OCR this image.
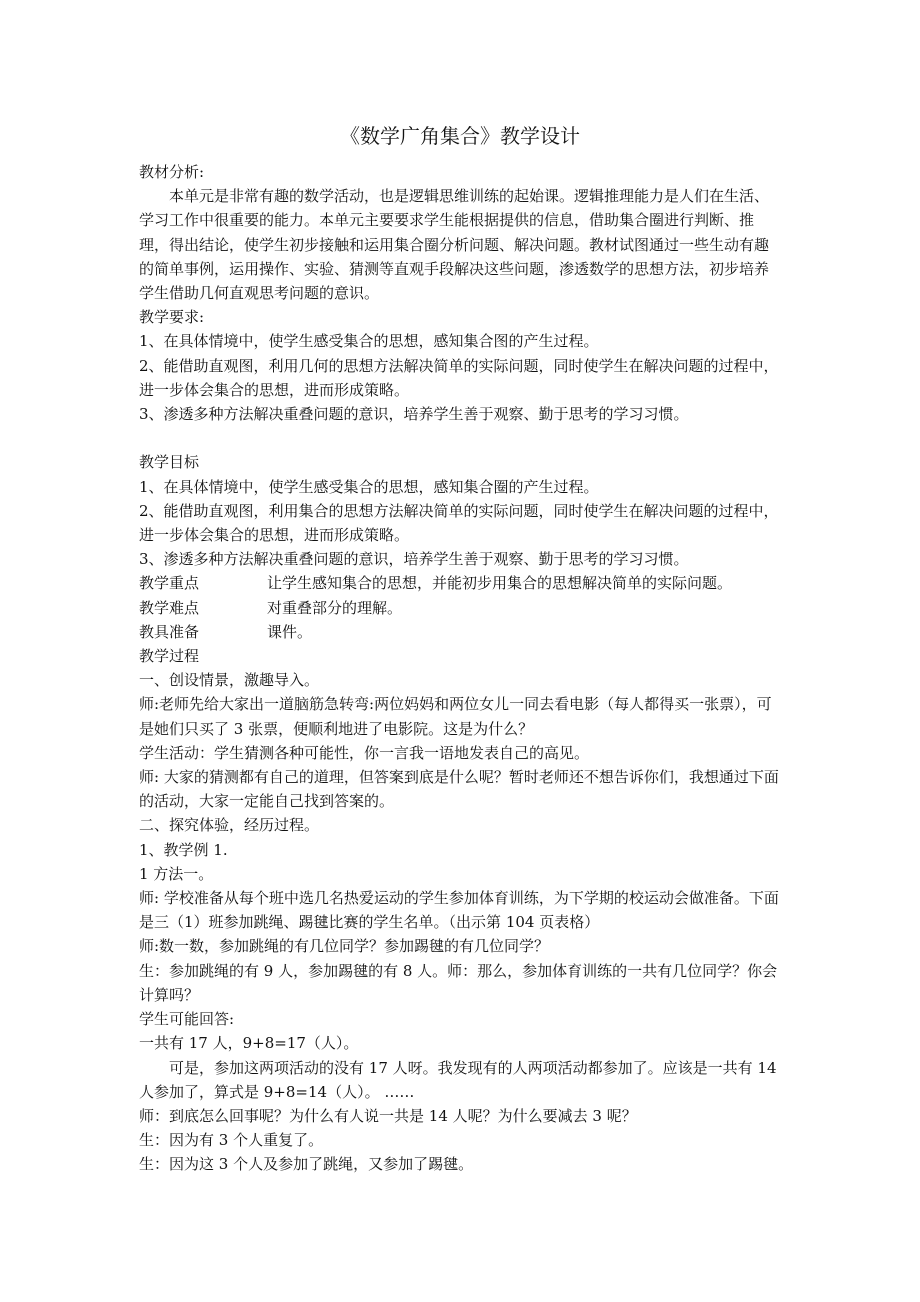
《数学广角集合》教学设计

教材分析:

本单元是非常有趣的数学活动，也是逻辑思维训练的起始课。逻辑推理能力是人们在生活、学习工作中很重要的能力。本单元主要要求学生能根据提供的信息，借助集合圈进行判断、推理，得出结论，使学生初步接触和运用集合圈分析问题、解决问题。教材试图通过一些生动有趣的简单事例，运用操作、实验、猜测等直观手段解决这些问题，渗透数学的思想方法，初步培养学生借助几何直观思考问题的意识。

教学要求:

1、在具体情境中，使学生感受集合的思想，感知集合图的产生过程。

2、能借助直观图，利用几何的思想方法解决简单的实际问题，同时使学生在解决问题的过程中，进一步体会集合的思想，进而形成策略。

3、渗透多种方法解决重叠问题的意识，培养学生善于观察、勤于思考的学习习惯。

教学目标

1、在具体情境中，使学生感受集合的思想，感知集合圈的产生过程。

2、能借助直观图，利用集合的思想方法解决简单的实际问题，同时使学生在解决问题的过程中，进一步体会集合的思想，进而形成策略。

3、渗透多种方法解决重叠问题的意识，培养学生善于观察、勤于思考的学习习惯。

教学重点	让学生感知集合的思想，并能初步用集合的思想解决简单的实际问题。
教学难点	对重叠部分的理解。
教具准备	课件。

教学过程

一、创设情景，激趣导入。

师:老师先给大家出一道脑筋急转弯:两位妈妈和两位女儿一同去看电影（每人都得买一张票），可是她们只买了 3 张票，便顺利地进了电影院。这是为什么？

学生活动：学生猜测各种可能性，你一言我一语地发表自己的高见。

师: 大家的猜测都有自己的道理，但答案到底是什么呢？暂时老师还不想告诉你们，我想通过下面的活动，大家一定能自己找到答案的。

二、探究体验，经历过程。

1、教学例 1.

1 方法一。

师: 学校准备从每个班中选几名热爱运动的学生参加体育训练，为下学期的校运动会做准备。下面是三（1）班参加跳绳、踢毽比赛的学生名单。（出示第 104 页表格）

师:数一数，参加跳绳的有几位同学？参加踢毽的有几位同学？

生：参加跳绳的有 9 人，参加踢毽的有 8 人。师：那么，参加体育训练的一共有几位同学？你会计算吗？

学生可能回答:

一共有 17 人，9+8=17（人）。

可是，参加这两项活动的没有 17 人呀。我发现有的人两项活动都参加了。应该是一共有 14 人参加了，算式是 9+8=14（人）。 ……

师：到底怎么回事呢？为什么有人说一共是 14 人呢？为什么要减去 3 呢？

生：因为有 3 个人重复了。

生：因为这 3 个人及参加了跳绳，又参加了踢毽。
